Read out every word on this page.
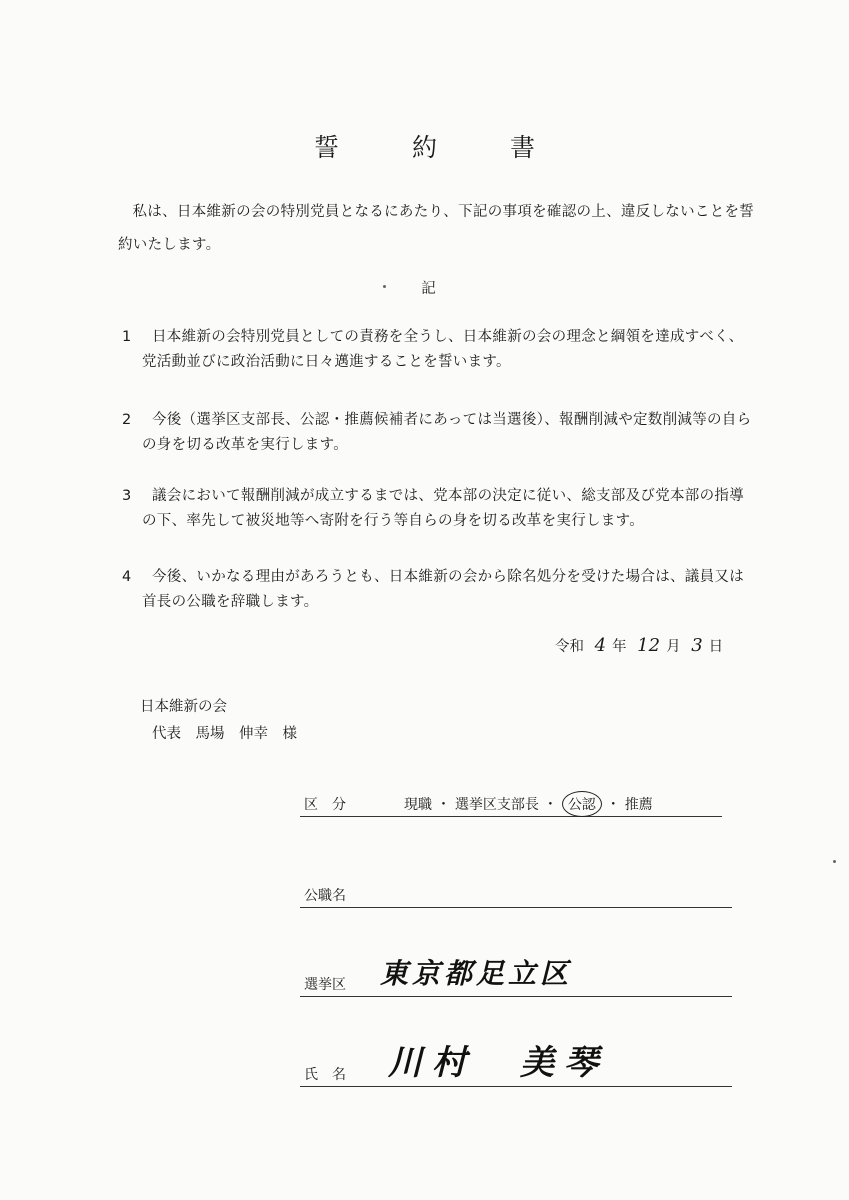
誓　約　書
私は、日本維新の会の特別党員となるにあたり、下記の事項を確認の上、違反しないことを誓約いたします。
記
1	日本維新の会特別党員としての責務を全うし、日本維新の会の理念と綱領を達成すべく、党活動並びに政治活動に日々邁進することを誓います。
2	今後（選挙区支部長、公認・推薦候補者にあっては当選後）、報酬削減や定数削減等の自らの身を切る改革を実行します。
3	議会において報酬削減が成立するまでは、党本部の決定に従い、総支部及び党本部の指導の下、率先して被災地等へ寄附を行う等自らの身を切る改革を実行します。
4	今後、いかなる理由があろうとも、日本維新の会から除名処分を受けた場合は、議員又は首長の公職を辞職します。
令和 4 年 12 月 3 日
日本維新の会
代表　馬場　伸幸　様
区　分	現職 ・ 選挙区支部長 ・ 公認 ・ 推薦
公職名
選挙区 東京都足立区
氏　名 川村　美琴
